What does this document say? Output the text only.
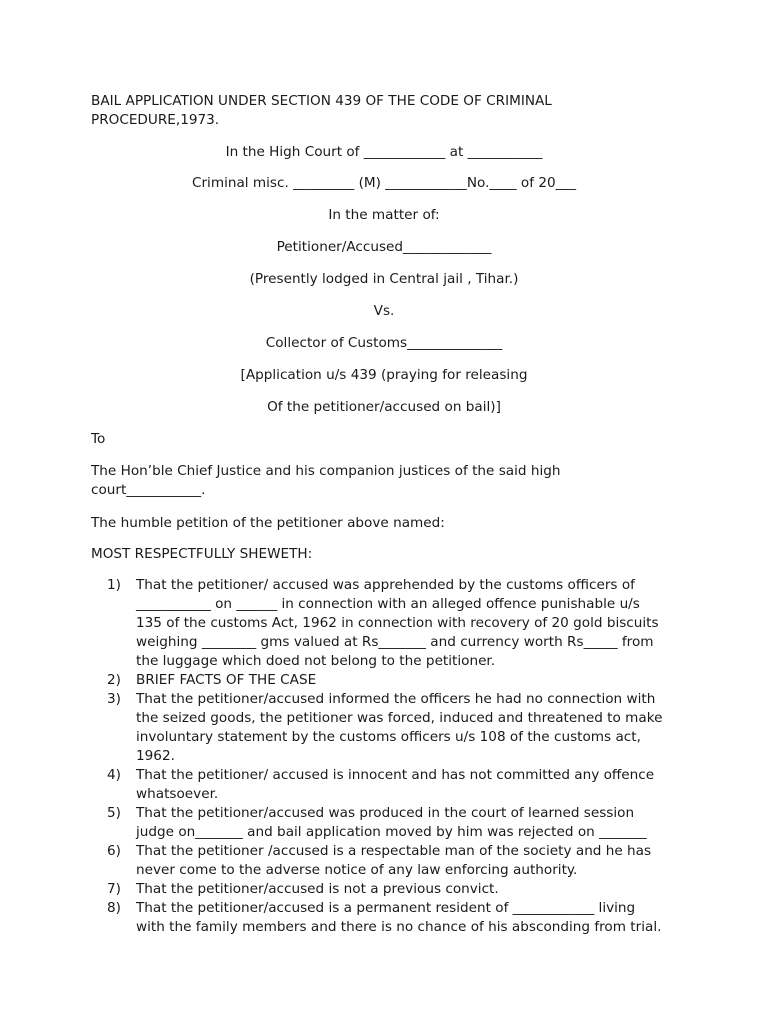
BAIL APPLICATION UNDER SECTION 439 OF THE CODE OF CRIMINAL
PROCEDURE,1973.
In the High Court of ____________ at ___________
Criminal misc. _________ (M) ____________No.____ of 20___
In the matter of:
Petitioner/Accused_____________
(Presently lodged in Central jail , Tihar.)
Vs.
Collector of Customs______________
[Application u/s 439 (praying for releasing
Of the petitioner/accused on bail)]
To
The Hon’ble Chief Justice and his companion justices of the said high
court___________.
The humble petition of the petitioner above named:
MOST RESPECTFULLY SHEWETH:
1)	That the petitioner/ accused was apprehended by the customs officers of
___________ on ______ in connection with an alleged offence punishable u/s
135 of the customs Act, 1962 in connection with recovery of 20 gold biscuits
weighing ________ gms valued at Rs_______ and currency worth Rs_____ from
the luggage which doed not belong to the petitioner.
2)	BRIEF FACTS OF THE CASE
3)	That the petitioner/accused informed the officers he had no connection with
the seized goods, the petitioner was forced, induced and threatened to make
involuntary statement by the customs officers u/s 108 of the customs act,
1962.
4)	That the petitioner/ accused is innocent and has not committed any offence
whatsoever.
5)	That the petitioner/accused was produced in the court of learned session
judge on_______ and bail application moved by him was rejected on _______
6)	That the petitioner /accused is a respectable man of the society and he has
never come to the adverse notice of any law enforcing authority.
7)	That the petitioner/accused is not a previous convict.
8)	That the petitioner/accused is a permanent resident of ____________ living
with the family members and there is no chance of his absconding from trial.
